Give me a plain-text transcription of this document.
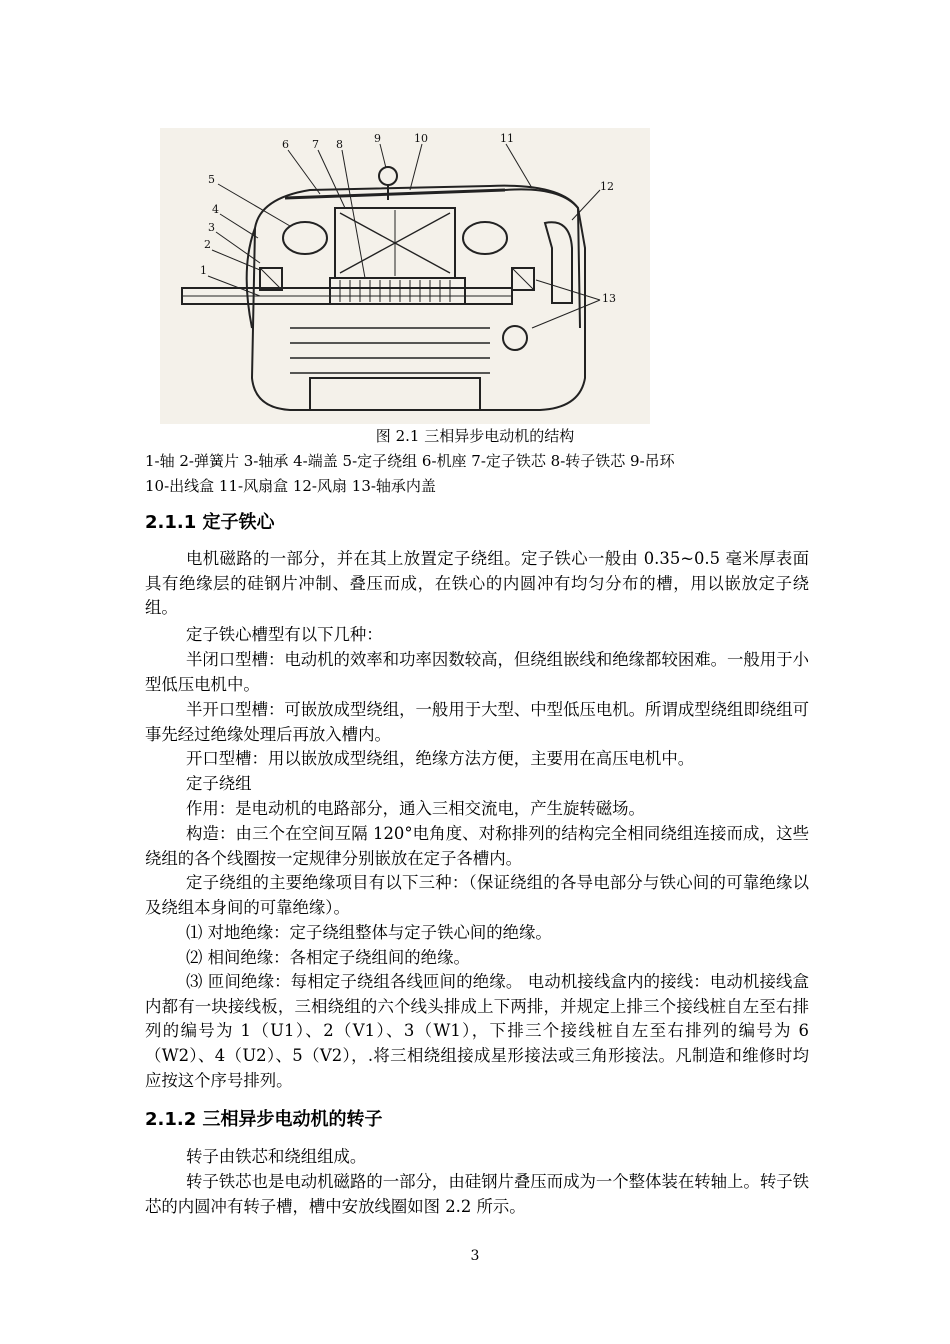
1
2
3
4
5
6 7 8	9	10	11
12
13
图 2.1 三相异步电动机的结构
1-轴 2-弹簧片 3-轴承 4-端盖 5-定子绕组 6-机座 7-定子铁芯 8-转子铁芯 9-吊环
10-出线盒 11-风扇盒 12-风扇 13-轴承内盖
2.1.1 定子铁心
电机磁路的一部分，并在其上放置定子绕组。定子铁心一般由 0.35~0.5 毫米厚表面具有绝缘层的硅钢片冲制、叠压而成，在铁心的内圆冲有均匀分布的槽，用以嵌放定子绕组。
定子铁心槽型有以下几种：
半闭口型槽：电动机的效率和功率因数较高，但绕组嵌线和绝缘都较困难。一般用于小型低压电机中。
半开口型槽：可嵌放成型绕组，一般用于大型、中型低压电机。所谓成型绕组即绕组可事先经过绝缘处理后再放入槽内。
开口型槽：用以嵌放成型绕组，绝缘方法方便，主要用在高压电机中。
定子绕组
作用：是电动机的电路部分，通入三相交流电，产生旋转磁场。
构造：由三个在空间互隔 120°电角度、对称排列的结构完全相同绕组连接而成，这些绕组的各个线圈按一定规律分别嵌放在定子各槽内。
定子绕组的主要绝缘项目有以下三种：（保证绕组的各导电部分与铁心间的可靠绝缘以及绕组本身间的可靠绝缘）。
⑴ 对地绝缘：定子绕组整体与定子铁心间的绝缘。
⑵ 相间绝缘：各相定子绕组间的绝缘。
⑶ 匝间绝缘：每相定子绕组各线匝间的绝缘。 电动机接线盒内的接线：电动机接线盒内都有一块接线板，三相绕组的六个线头排成上下两排，并规定上排三个接线桩自左至右排列的编号为 1（U1）、2（V1）、3（W1），下排三个接线桩自左至右排列的编号为 6（W2）、4（U2）、5（V2），.将三相绕组接成星形接法或三角形接法。凡制造和维修时均应按这个序号排列。
2.1.2 三相异步电动机的转子
转子由铁芯和绕组组成。
转子铁芯也是电动机磁路的一部分，由硅钢片叠压而成为一个整体装在转轴上。转子铁芯的内圆冲有转子槽，槽中安放线圈如图 2.2 所示。
3
